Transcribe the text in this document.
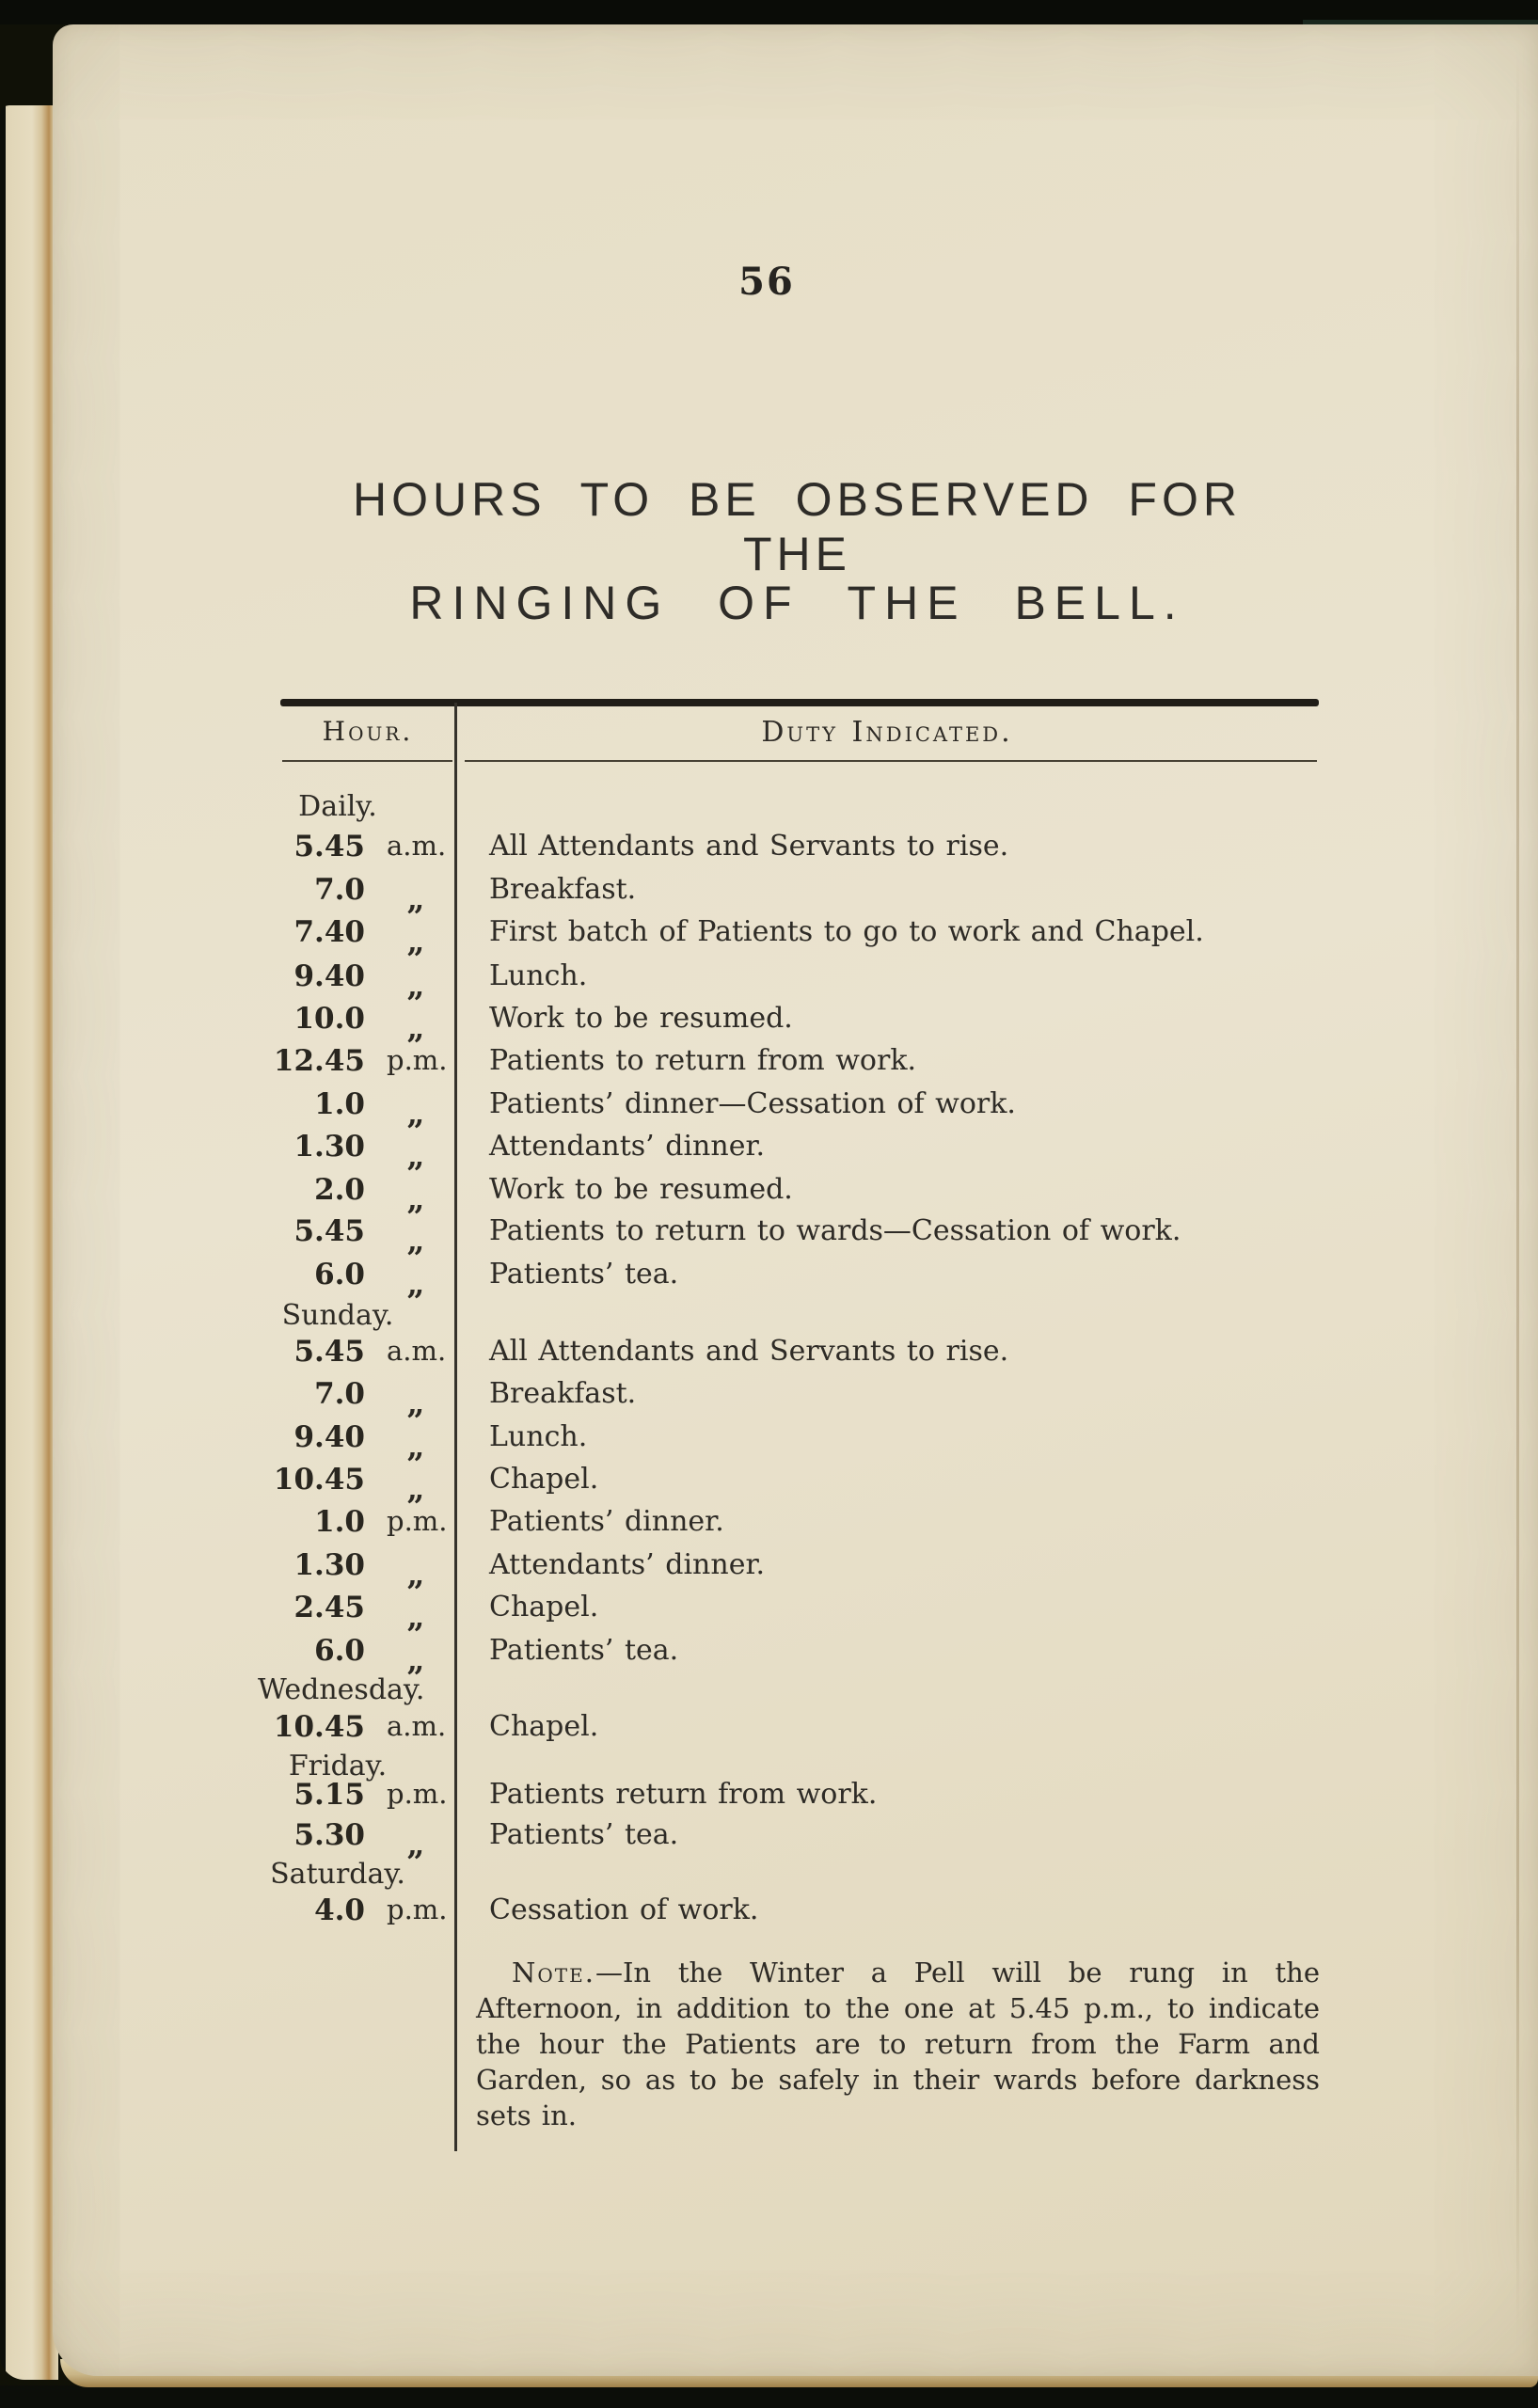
56
HOURS TO BE OBSERVED FOR THE
RINGING OF THE BELL.
Hour.	Duty Indicated.
Daily.
5.45 a.m.	All Attendants and Servants to rise.
7.0	„	Breakfast.
7.40	„	First batch of Patients to go to work and Chapel.
9.40	„	Lunch.
10.0	„	Work to be resumed.
12.45 p.m.	Patients to return from work.
1.0	„	Patients’ dinner—Cessation of work.
1.30	„	Attendants’ dinner.
2.0	„	Work to be resumed.
5.45	„	Patients to return to wards—Cessation of work.
6.0	„	Patients’ tea.
Sunday.
5.45 a.m.	All Attendants and Servants to rise.
7.0	„	Breakfast.
9.40	„	Lunch.
10.45	„	Chapel.
1.0 p.m.	Patients’ dinner.
1.30	„	Attendants’ dinner.
2.45	„	Chapel.
6.0	„	Patients’ tea.
Wednesday.
10.45 a.m.	Chapel.
Friday.
5.15 p.m.	Patients return from work.
5.30	„	Patients’ tea.
Saturday.
4.0 p.m.	Cessation of work.
Note.—In the Winter a Pell will be rung in the Afternoon, in addition to the one at 5.45 p.m., to indicate the hour the Patients are to return from the Farm and Garden, so as to be safely in their wards before darkness sets in.
